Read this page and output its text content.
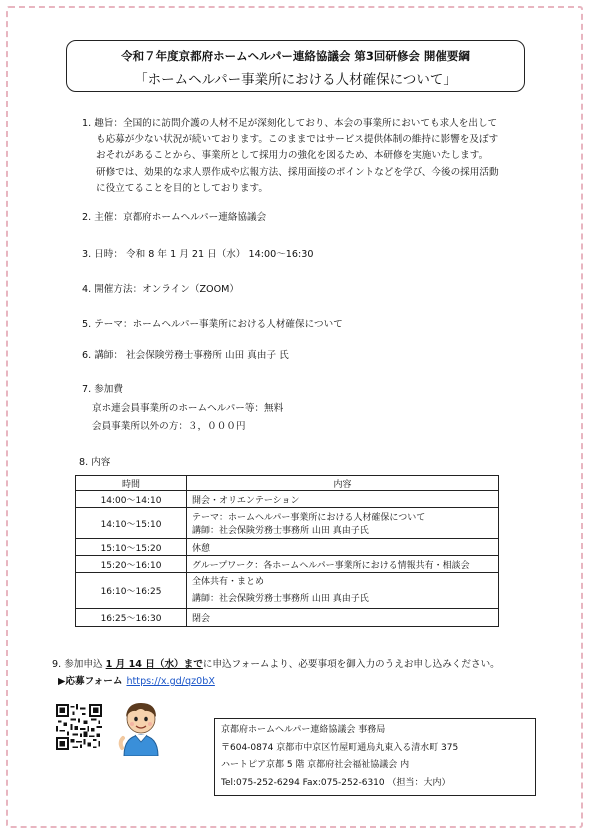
令和７年度京都府ホームヘルパー連絡協議会 第3回研修会 開催要綱
「ホームヘルパー事業所における人材確保について」
1. 趣旨：全国的に訪問介護の人材不足が深刻化しており、本会の事業所においても求人を出して
も応募が少ない状況が続いております。このままではサービス提供体制の維持に影響を及ぼす
おそれがあることから、事業所として採用力の強化を図るため、本研修を実施いたします。
研修では、効果的な求人票作成や広報方法、採用面接のポイントなどを学び、今後の採用活動
に役立てることを目的としております。
2. 主催：京都府ホームヘルパー連絡協議会
3. 日時： 令和 8 年 1 月 21 日（水） 14:00～16:30
4. 開催方法：オンライン（ZOOM）
5. テーマ：ホームヘルパー事業所における人材確保について
6. 講師： 社会保険労務士事務所 山田 真由子 氏
7. 参加費
京ホ連会員事業所のホームヘルパー等：無料
会員事業所以外の方：３，０００円
8. 内容
時間	内容
14:00～14:10	開会・オリエンテーション
14:10～15:10	テーマ：ホームヘルパー事業所における人材確保について
講師：社会保険労務士事務所 山田 真由子氏

15:10～15:20	休憩
15:20～16:10	グループワーク：各ホームヘルパー事業所における情報共有・相談会
16:10～16:25	全体共有・まとめ
講師：社会保険労務士事務所 山田 真由子氏

16:25～16:30	閉会
9. 参加申込 1 月 14 日（水）までに申込フォームより、必要事項を御入力のうえお申し込みください。
▶応募フォーム https://x.gd/qz0bX
京都府ホームヘルパー連絡協議会 事務局
〒604-0874 京都市中京区竹屋町通烏丸東入る清水町 375
ハートピア京都 5 階 京都府社会福祉協議会 内
Tel:075-252-6294 Fax:075-252-6310 （担当：大内）
